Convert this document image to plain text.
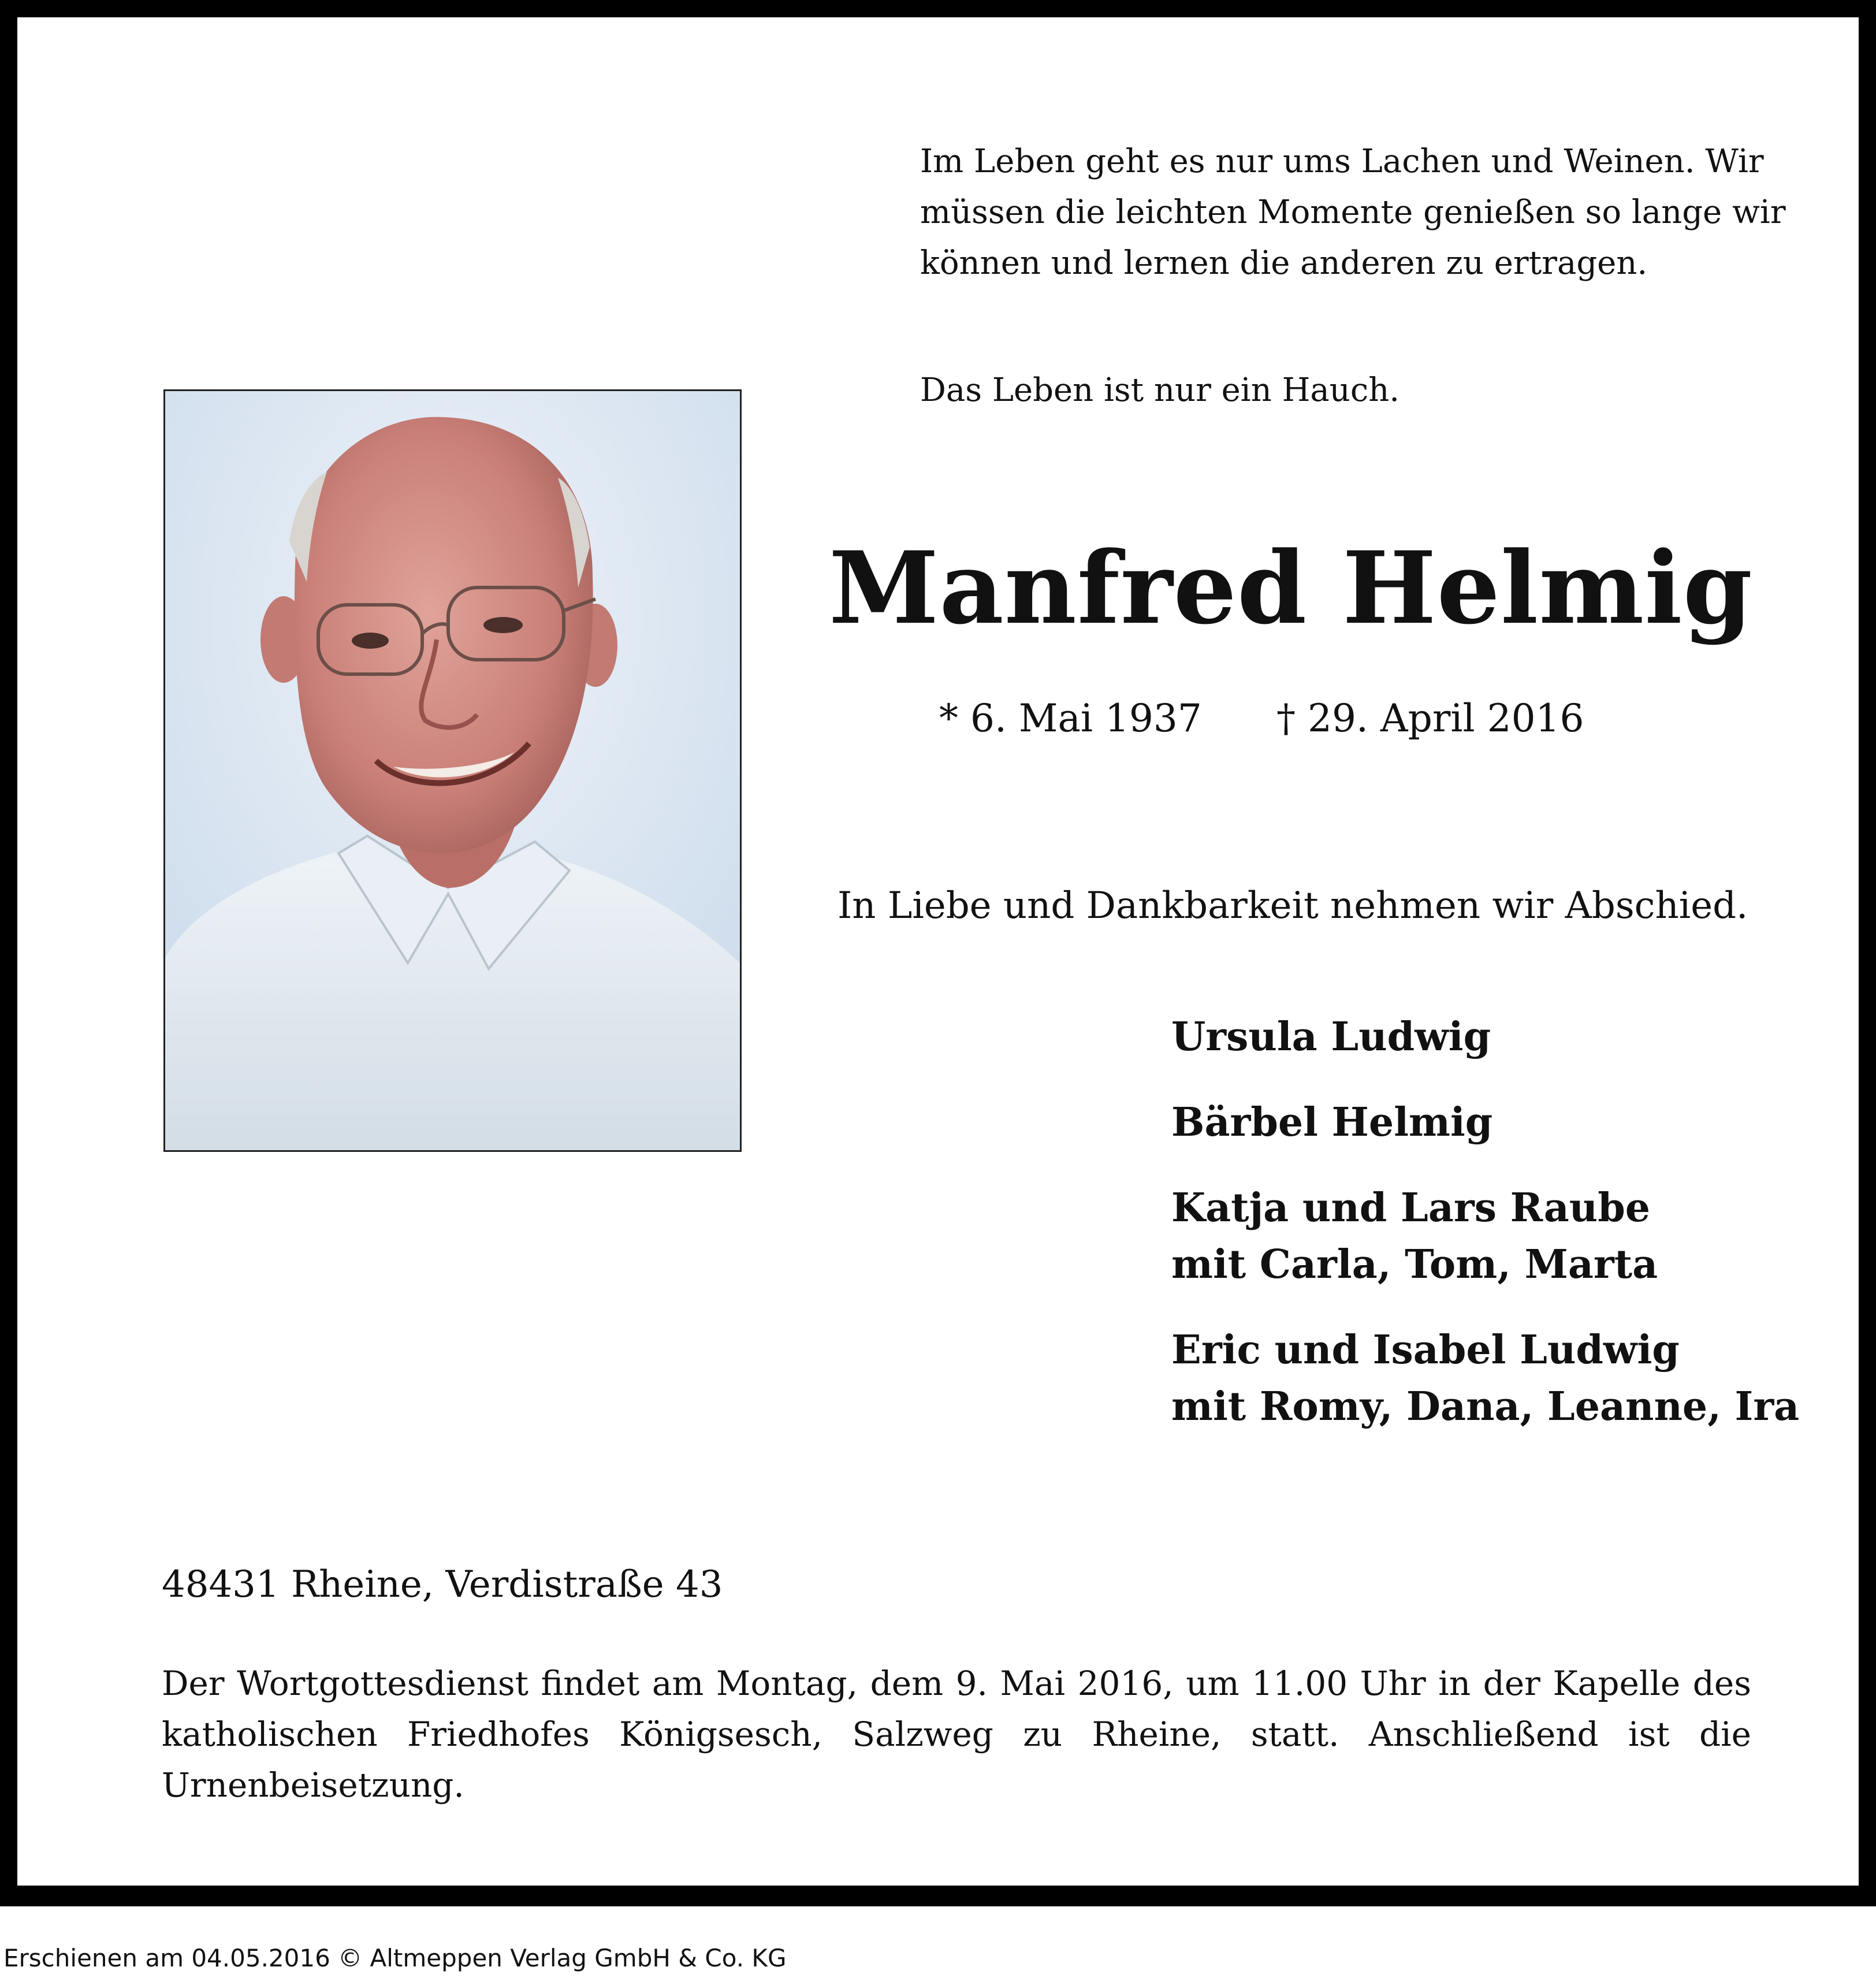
Im Leben geht es nur ums Lachen und Weinen. Wir müssen die leichten Momente genießen so lange wir können und lernen die anderen zu ertragen.

Das Leben ist nur ein Hauch.
Manfred Helmig
* 6. Mai 1937 † 29. April 2016
In Liebe und Dankbarkeit nehmen wir Abschied.

Ursula Ludwig

Bärbel Helmig

Katja und Lars Raube
mit Carla, Tom, Marta

Eric und Isabel Ludwig
mit Romy, Dana, Leanne, Ira

48431 Rheine, Verdistraße 43

Der Wortgottesdienst findet am Montag, dem 9. Mai 2016, um 11.00 Uhr in der Kapelle des katholischen Friedhofes Königsesch, Salzweg zu Rheine, statt. Anschließend ist die Urnenbeisetzung.

Erschienen am 04.05.2016 © Altmeppen Verlag GmbH & Co. KG
